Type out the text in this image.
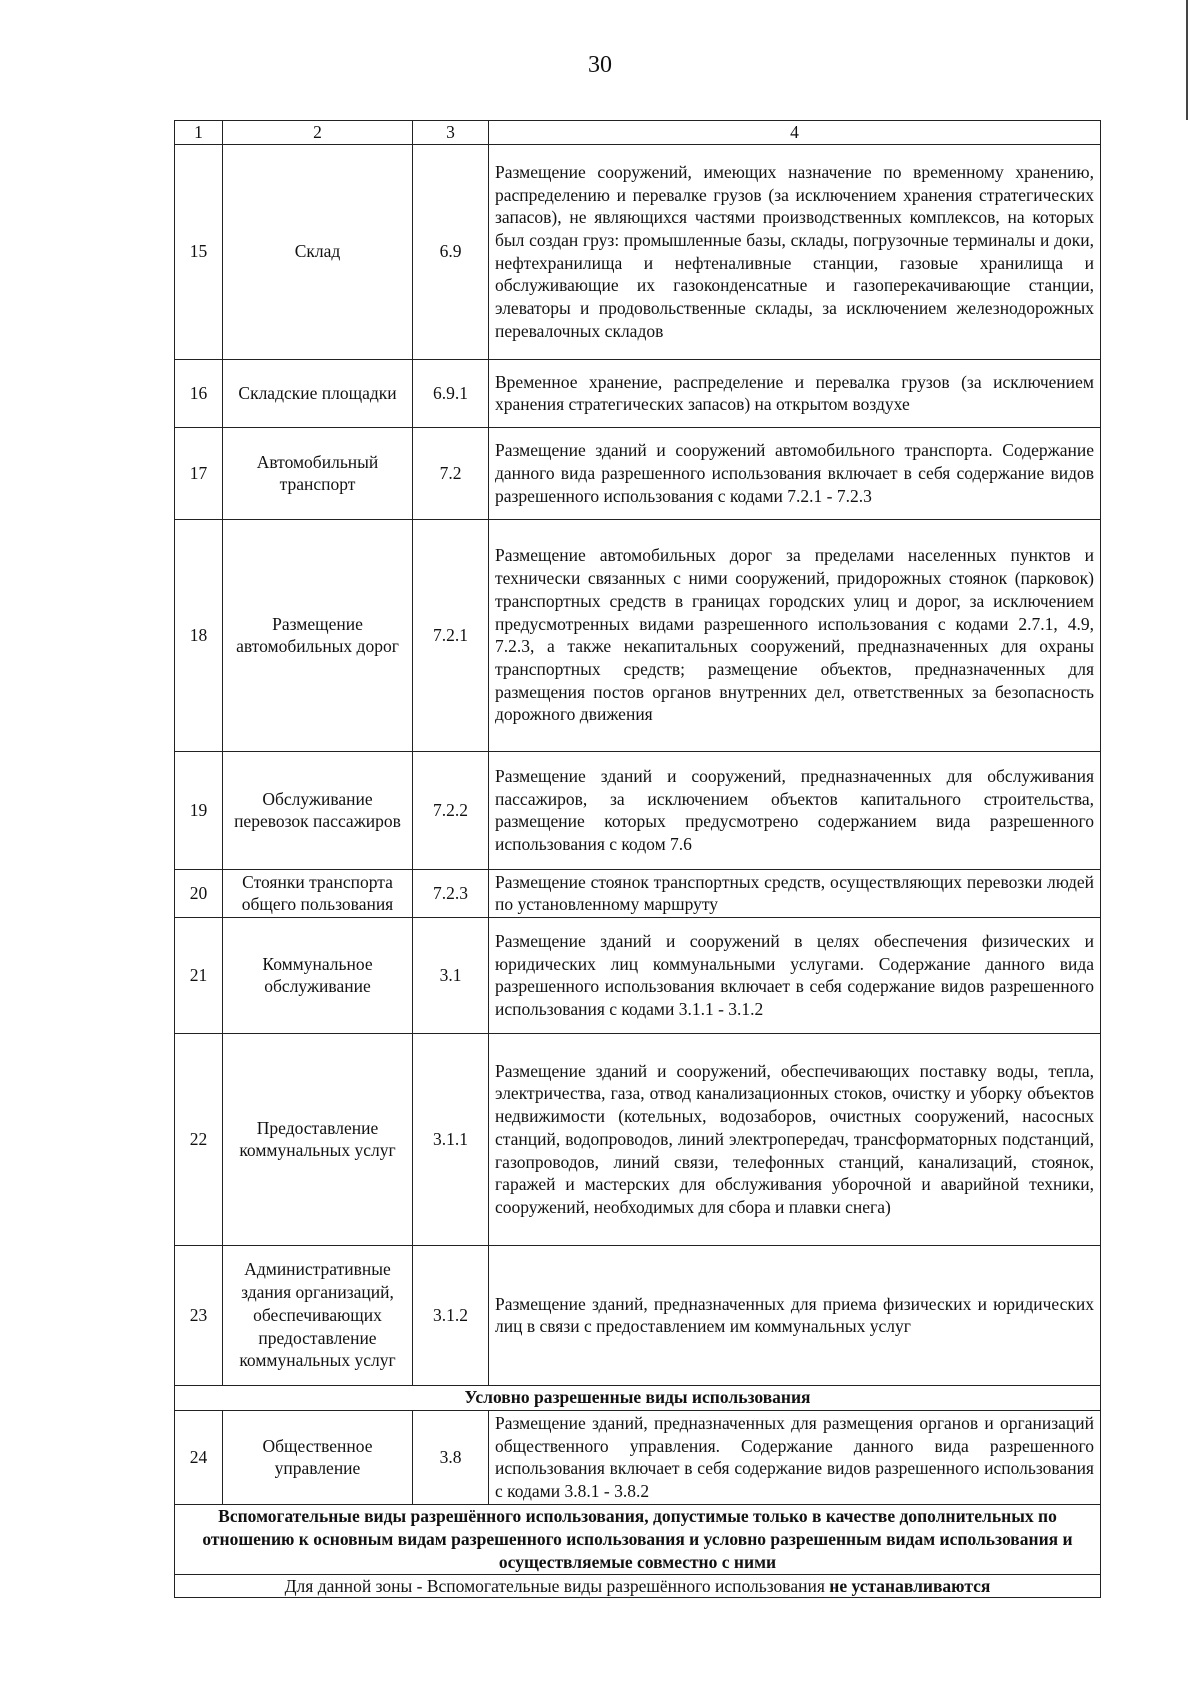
30
1	2	3	4
15	Склад	6.9	Размещение сооружений, имеющих назначение по временному хранению, распределению и перевалке грузов (за исключением хранения стратегических запасов), не являющихся частями производственных комплексов, на которых был создан груз: промышленные базы, склады, погрузочные терминалы и доки, нефтехранилища и нефтеналивные станции, газовые хранилища и обслуживающие их газоконденсатные и газоперекачивающие станции, элеваторы и продовольственные склады, за исключением железнодорожных перевалочных складов
16	Складские площадки	6.9.1	Временное хранение, распределение и перевалка грузов (за исключением хранения стратегических запасов) на открытом воздухе
17	Автомобильный транспорт	7.2	Размещение зданий и сооружений автомобильного транспорта. Содержание данного вида разрешенного использования включает в себя содержание видов разрешенного использования с кодами 7.2.1 - 7.2.3
18	Размещение автомобильных дорог	7.2.1	Размещение автомобильных дорог за пределами населенных пунктов и технически связанных с ними сооружений, придорожных стоянок (парковок) транспортных средств в границах городских улиц и дорог, за исключением предусмотренных видами разрешенного использования с кодами 2.7.1, 4.9, 7.2.3, а также некапитальных сооружений, предназначенных для охраны транспортных средств; размещение объектов, предназначенных для размещения постов органов внутренних дел, ответственных за безопасность дорожного движения
19	Обслуживание перевозок пассажиров	7.2.2	Размещение зданий и сооружений, предназначенных для обслуживания пассажиров, за исключением объектов капитального строительства, размещение которых предусмотрено содержанием вида разрешенного использования с кодом 7.6
20	Стоянки транспорта общего пользования	7.2.3	Размещение стоянок транспортных средств, осуществляющих перевозки людей по установленному маршруту
21	Коммунальное обслуживание	3.1	Размещение зданий и сооружений в целях обеспечения физических и юридических лиц коммунальными услугами. Содержание данного вида разрешенного использования включает в себя содержание видов разрешенного использования с кодами 3.1.1 - 3.1.2
22	Предоставление коммунальных услуг	3.1.1	Размещение зданий и сооружений, обеспечивающих поставку воды, тепла, электричества, газа, отвод канализационных стоков, очистку и уборку объектов недвижимости (котельных, водозаборов, очистных сооружений, насосных станций, водопроводов, линий электропередач, трансформаторных подстанций, газопроводов, линий связи, телефонных станций, канализаций, стоянок, гаражей и мастерских для обслуживания уборочной и аварийной техники, сооружений, необходимых для сбора и плавки снега)
23	Административные здания организаций, обеспечивающих предоставление коммунальных услуг	3.1.2	Размещение зданий, предназначенных для приема физических и юридических лиц в связи с предоставлением им коммунальных услуг
Условно разрешенные виды использования			
24	Общественное управление	3.8	Размещение зданий, предназначенных для размещения органов и организаций общественного управления. Содержание данного вида разрешенного использования включает в себя содержание видов разрешенного использования с кодами 3.8.1 - 3.8.2
Вспомогательные виды разрешённого использования, допустимые только в качестве дополнительных по отношению к основным видам разрешенного использования и условно разрешенным видам использования и осуществляемые совместно с ними			
Для данной зоны - Вспомогательные виды разрешённого использования не устанавливаются			
